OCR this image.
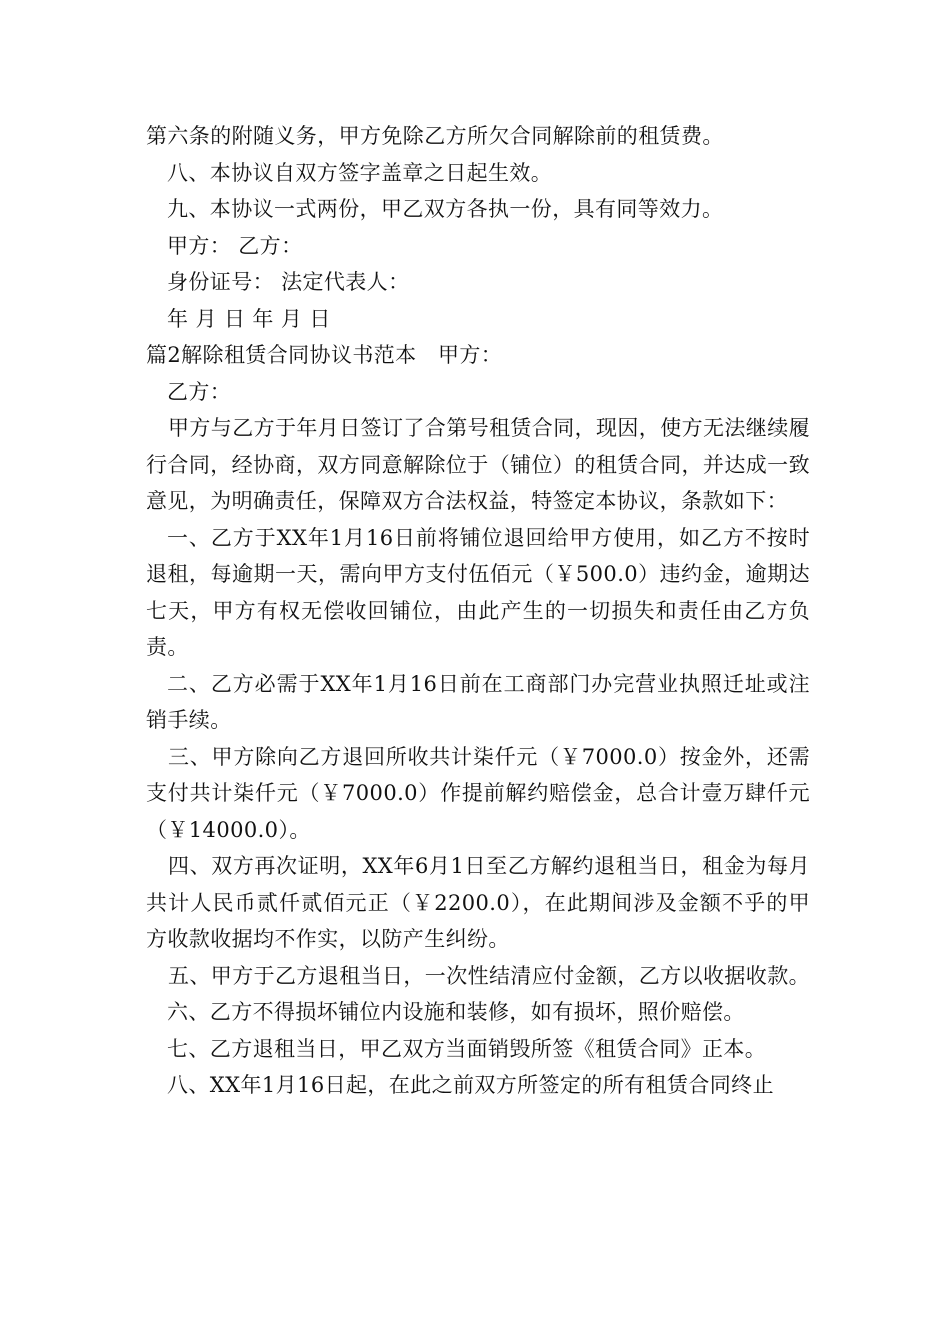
第六条的附随义务，甲方免除乙方所欠合同解除前的租赁费。

八、本协议自双方签字盖章之日起生效。

九、本协议一式两份，甲乙双方各执一份，具有同等效力。

甲方： 乙方：

身份证号： 法定代表人：

年 月 日 年 月 日

篇2解除租赁合同协议书范本　甲方：

乙方：

甲方与乙方于年月日签订了合第号租赁合同，现因，使方无法继续履行合同，经协商，双方同意解除位于（铺位）的租赁合同，并达成一致意见，为明确责任，保障双方合法权益，特签定本协议，条款如下：

一、乙方于XX年1月16日前将铺位退回给甲方使用，如乙方不按时退租，每逾期一天，需向甲方支付伍佰元（￥500.0）违约金，逾期达七天，甲方有权无偿收回铺位，由此产生的一切损失和责任由乙方负责。

二、乙方必需于XX年1月16日前在工商部门办完营业执照迁址或注销手续。

三、甲方除向乙方退回所收共计柒仟元（￥7000.0）按金外，还需支付共计柒仟元（￥7000.0）作提前解约赔偿金，总合计壹万肆仟元（￥14000.0）。

四、双方再次证明，XX年6月1日至乙方解约退租当日，租金为每月共计人民币贰仟贰佰元正（￥2200.0），在此期间涉及金额不乎的甲方收款收据均不作实，以防产生纠纷。

五、甲方于乙方退租当日，一次性结清应付金额，乙方以收据收款。

六、乙方不得损坏铺位内设施和装修，如有损坏，照价赔偿。

七、乙方退租当日，甲乙双方当面销毁所签《租赁合同》正本。

八、XX年1月16日起，在此之前双方所签定的所有租赁合同终止
